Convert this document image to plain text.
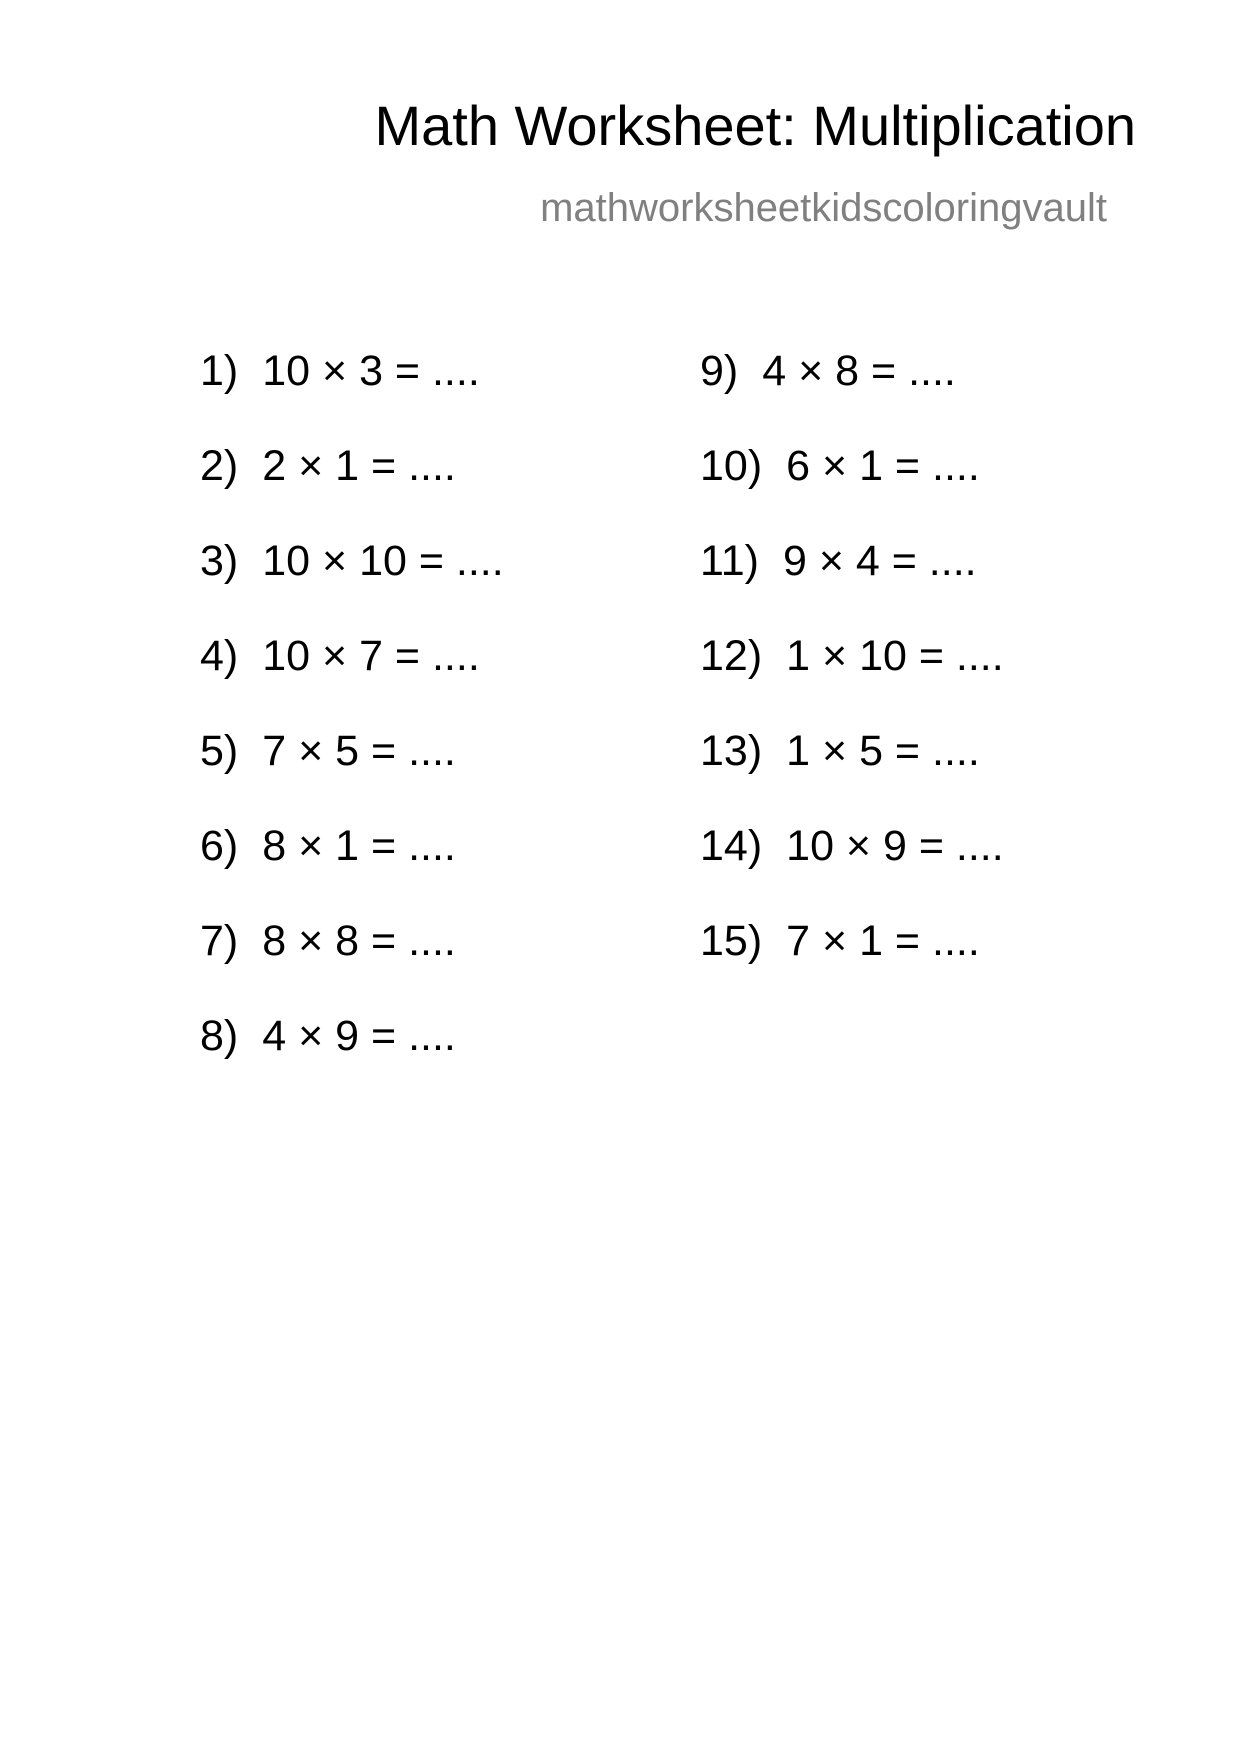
Math Worksheet: Multiplication
mathworksheetkidscoloringvault
1) 10 × 3 = ....
2) 2 × 1 = ....
3) 10 × 10 = ....
4) 10 × 7 = ....
5) 7 × 5 = ....
6) 8 × 1 = ....
7) 8 × 8 = ....
8) 4 × 9 = ....
9) 4 × 8 = ....
10) 6 × 1 = ....
11) 9 × 4 = ....
12) 1 × 10 = ....
13) 1 × 5 = ....
14) 10 × 9 = ....
15) 7 × 1 = ....
